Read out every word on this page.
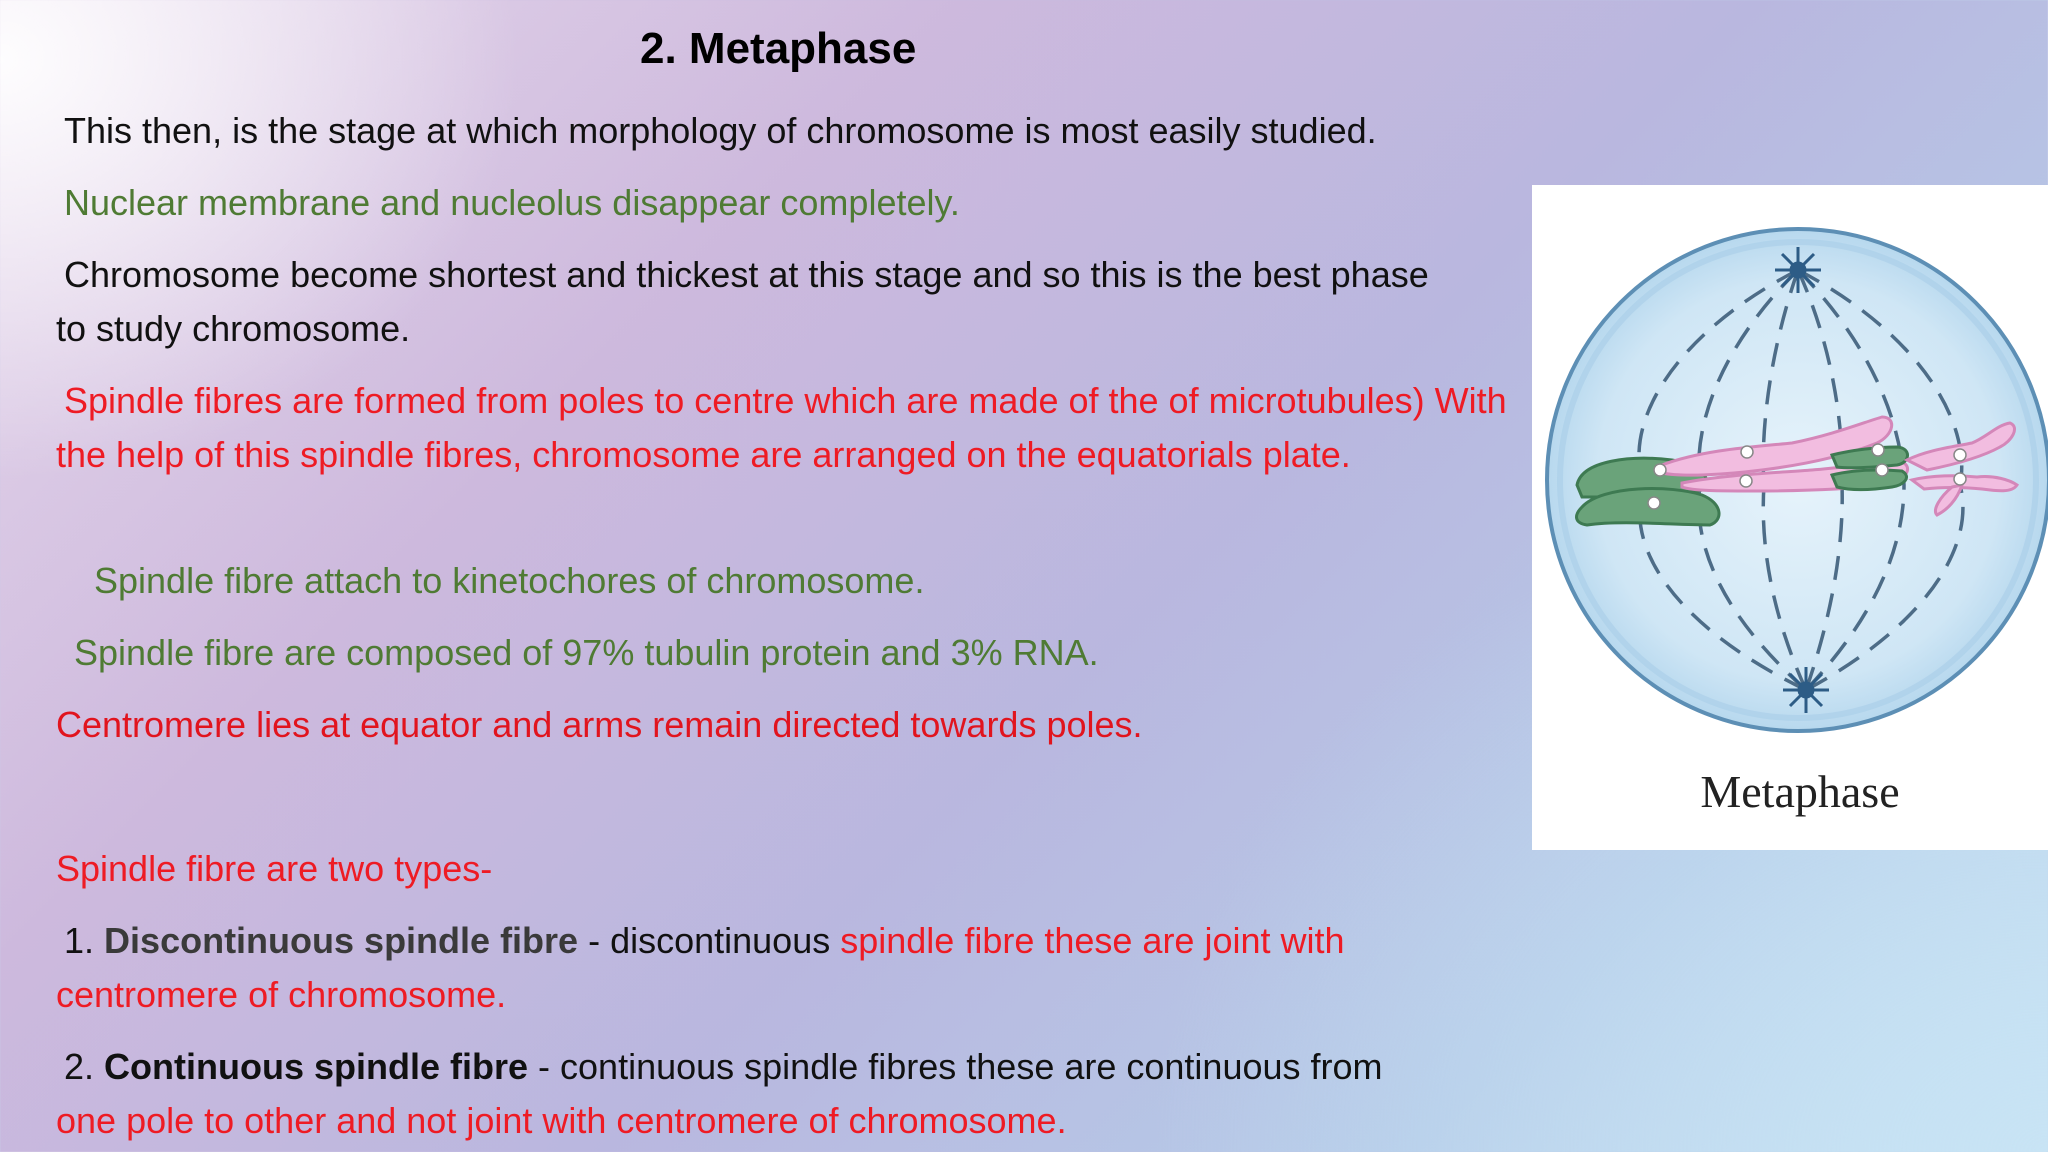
2. Metaphase

This then, is the stage at which morphology of chromosome is most easily studied.

Nuclear membrane and nucleolus disappear completely.

Chromosome become shortest and thickest at this stage and so this is the best phase to study chromosome.

Spindle fibres are formed from poles to centre which are made of the of microtubules) With the help of this spindle fibres, chromosome are arranged on the equatorials plate.

Spindle fibre attach to kinetochores of chromosome.

Spindle fibre are composed of 97% tubulin protein and 3% RNA.

Centromere lies at equator and arms remain directed towards poles.

Spindle fibre are two types-

1. Discontinuous spindle fibre - discontinuous spindle fibre these are joint with centromere of chromosome.

2. Continuous spindle fibre - continuous spindle fibres these are continuous from
one pole to other and not joint with centromere of chromosome.

Metaphase
